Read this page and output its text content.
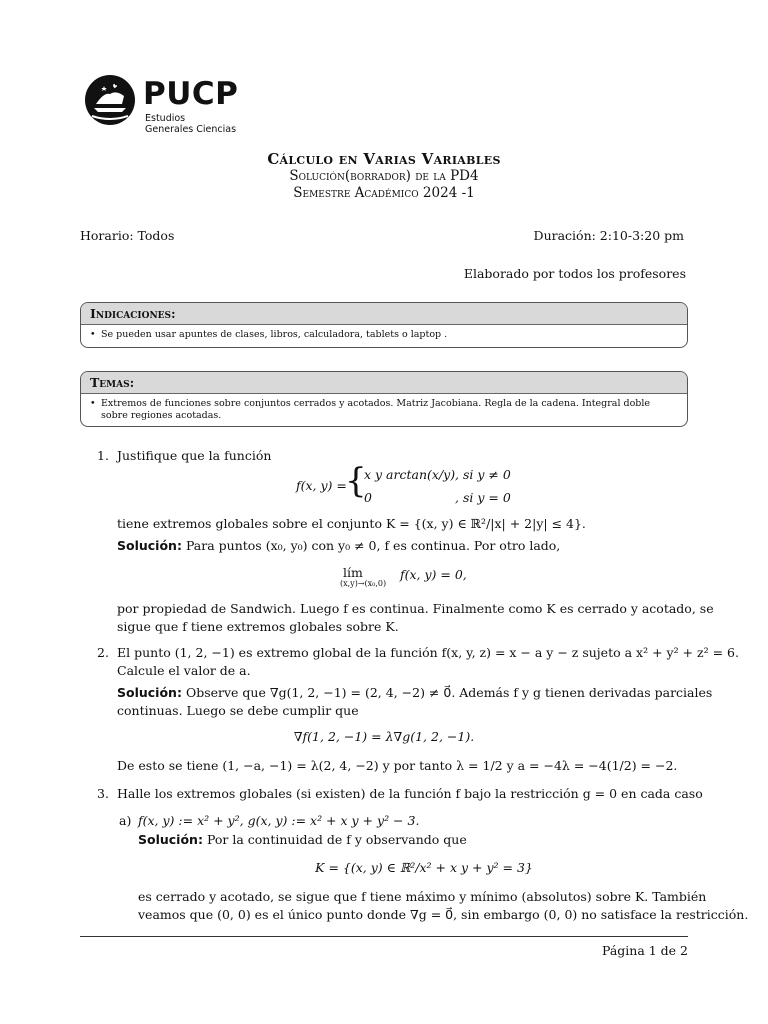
PUCP
Estudios
Generales Ciencias
Cálculo en Varias Variables
Solución(borrador) de la PD4
Semestre Académico 2024 -1
Horario: Todos	Duración: 2:10-3:20 pm
Elaborado por todos los profesores
Indicaciones:
• Se pueden usar apuntes de clases, libros, calculadora, tablets o laptop .
Temas:
• Extremos de funciones sobre conjuntos cerrados y acotados. Matriz Jacobiana. Regla de la cadena. Integral doble sobre regiones acotadas.
1. Justifique que la función
f(x, y) =
{
x y arctan(x/y) , si y ≠ 0
0	, si y = 0
tiene extremos globales sobre el conjunto K = {(x, y) ∈ ℝ²/|x| + 2|y| ≤ 4}.
Solución: Para puntos (x₀, y₀) con y₀ ≠ 0, f es continua. Por otro lado,
lím
(x,y)→(x₀,0)
f(x, y) = 0,
por propiedad de Sandwich. Luego f es continua. Finalmente como K es cerrado y acotado, se
sigue que f tiene extremos globales sobre K.
2. El punto (1, 2, −1) es extremo global de la función f(x, y, z) = x − a y − z sujeto a x² + y² + z² = 6.
Calcule el valor de a.
Solución: Observe que ∇g(1, 2, −1) = (2, 4, −2) ≠ 0⃗. Además f y g tienen derivadas parciales
continuas. Luego se debe cumplir que
∇f(1, 2, −1) = λ∇g(1, 2, −1).
De esto se tiene (1, −a, −1) = λ(2, 4, −2) y por tanto λ = 1/2 y a = −4λ = −4(1/2) = −2.
3. Halle los extremos globales (si existen) de la función f bajo la restricción g = 0 en cada caso
a) f(x, y) := x² + y², g(x, y) := x² + x y + y² − 3.
Solución: Por la continuidad de f y observando que
K = {(x, y) ∈ ℝ²/x² + x y + y² = 3}
es cerrado y acotado, se sigue que f tiene máximo y mínimo (absolutos) sobre K. También
veamos que (0, 0) es el único punto donde ∇g = 0⃗, sin embargo (0, 0) no satisface la restricción.
Página 1 de 2
